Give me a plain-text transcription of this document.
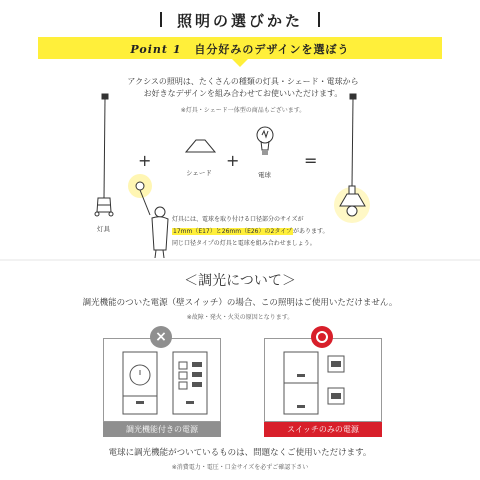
照明の選びかた
Point 1 自分好みのデザインを選ぼう
アクシスの照明は、たくさんの種類の灯具・シェード・電球から
お好きなデザインを組み合わせてお使いいただけます。
※灯具・シェード一体型の商品もございます。
+	+	=
灯具
シェード	電球
灯具には、電球を取り付ける口径部分のサイズが
17mm（E17）と26mm（E26）の2タイプがあります。
同じ口径タイプの灯具と電球を組み合わせましょう。
＜調光について＞
調光機能のついた電源（壁スイッチ）の場合、この照明はご使用いただけません。
※故障・発火・火災の原因となります。
×
調光機能付きの電源	スイッチのみの電源
電球に調光機能がついているものは、問題なくご使用いただけます。
※消費電力・電圧・口金サイズを必ずご確認下さい
